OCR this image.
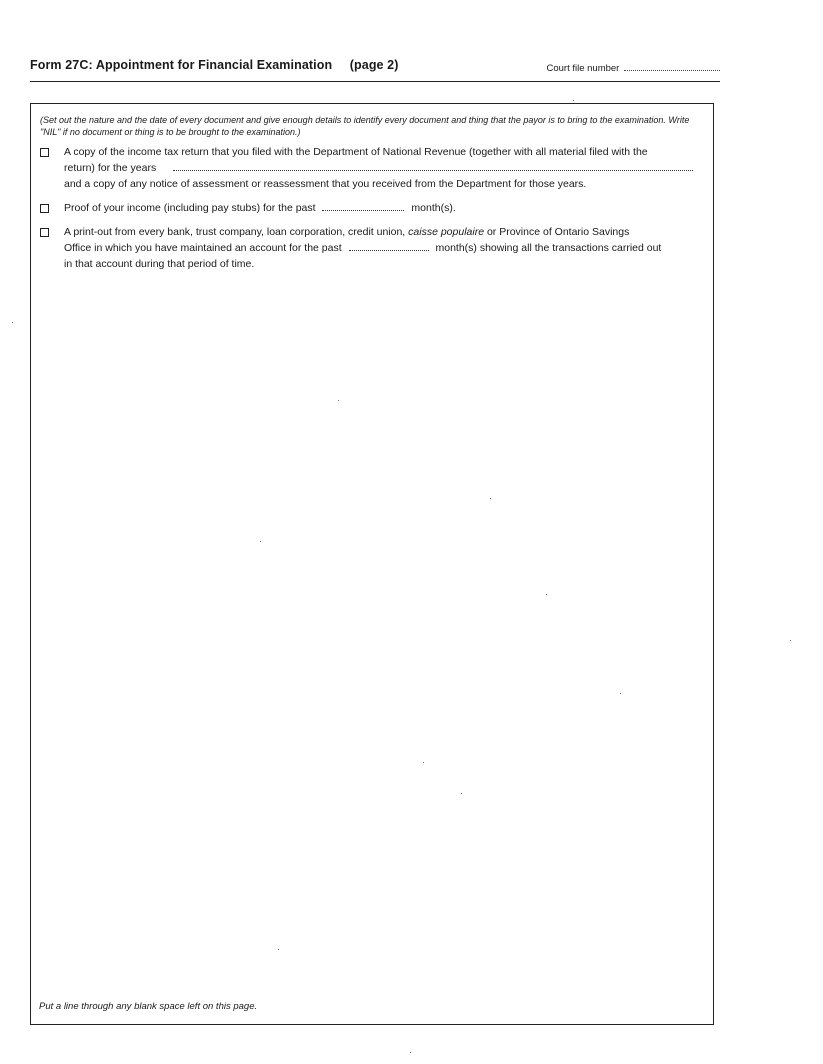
Form 27C: Appointment for Financial Examination (page 2)	Court file number
(Set out the nature and the date of every document and give enough details to identify every document and thing that the payor is to bring to the examination. Write "NIL" if no document or thing is to be brought to the examination.)
A copy of the income tax return that you filed with the Department of National Revenue (together with all material filed with the
return) for the years
and a copy of any notice of assessment or reassessment that you received from the Department for those years.
Proof of your income (including pay stubs) for the past	month(s).
A print-out from every bank, trust company, loan corporation, credit union, caisse populaire or Province of Ontario Savings
Office in which you have maintained an account for the past	month(s) showing all the transactions carried out
in that account during that period of time.
Put a line through any blank space left on this page.
